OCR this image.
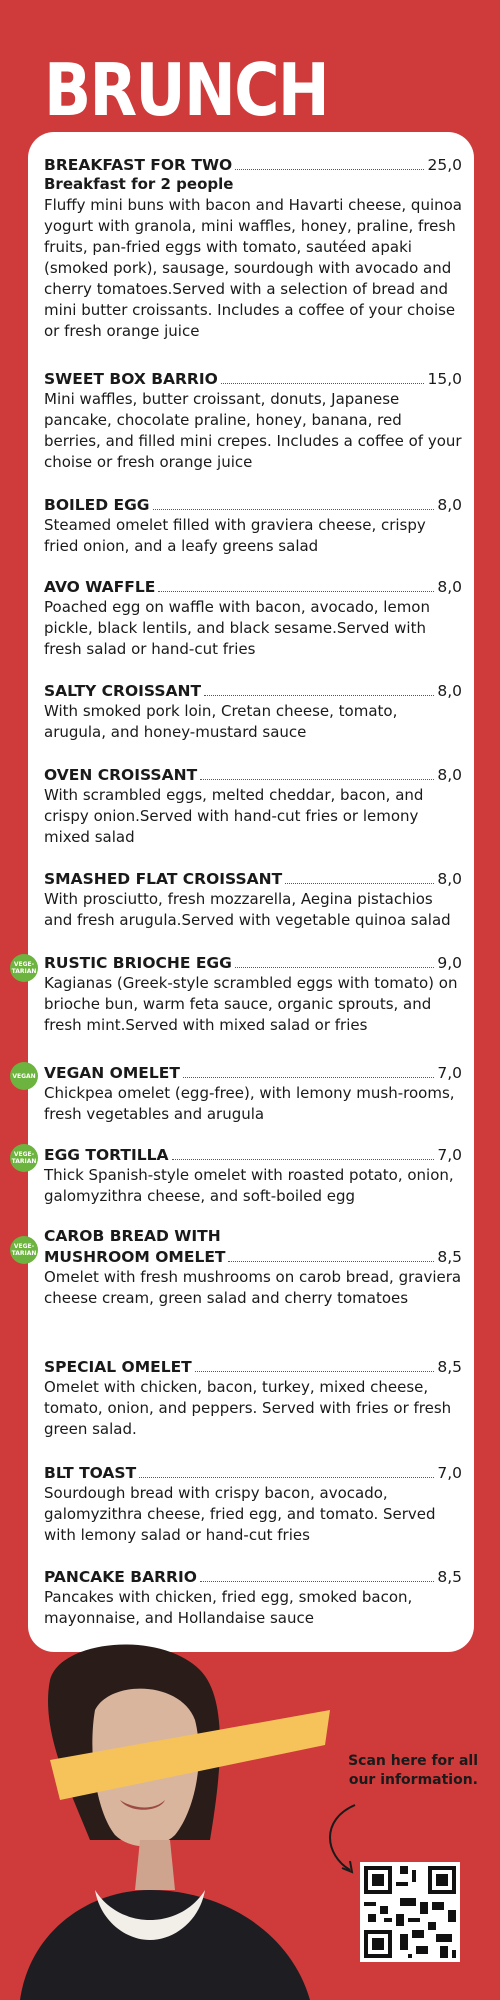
BRUNCH
BREAKFAST FOR TWO	25,0
Breakfast for 2 people
Fluffy mini buns with bacon and Havarti cheese, quinoa yogurt with granola, mini waffles, honey, praline, fresh fruits, pan-fried eggs with tomato, sautéed apaki (smoked pork), sausage, sourdough with avocado and cherry tomatoes.Served with a selection of bread and mini butter croissants. Includes a coffee of your choise or fresh orange juice
SWEET BOX BARRIO	15,0
Mini waffles, butter croissant, donuts, Japanese pancake, chocolate praline, honey, banana, red berries, and filled mini crepes. Includes a coffee of your choise or fresh orange juice
BOILED EGG	8,0
Steamed omelet filled with graviera cheese, crispy fried onion, and a leafy greens salad
AVO WAFFLE	8,0
Poached egg on waffle with bacon, avocado, lemon pickle, black lentils, and black sesame.Served with fresh salad or hand-cut fries
SALTY CROISSANT	8,0
With smoked pork loin, Cretan cheese, tomato, arugula, and honey-mustard sauce
OVEN CROISSANT	8,0
With scrambled eggs, melted cheddar, bacon, and crispy onion.Served with hand-cut fries or lemony mixed salad
SMASHED FLAT CROISSANT	8,0
With prosciutto, fresh mozzarella, Aegina pistachios and fresh arugula.Served with vegetable quinoa salad
RUSTIC BRIOCHE EGG	9,0
Kagianas (Greek-style scrambled eggs with tomato) on brioche bun, warm feta sauce, organic sprouts, and fresh mint.Served with mixed salad or fries
VEGAN OMELET	7,0
Chickpea omelet (egg-free), with lemony mush-rooms, fresh vegetables and arugula
EGG TORTILLA	7,0
Thick Spanish-style omelet with roasted potato, onion, galomyzithra cheese, and soft-boiled egg
CAROB BREAD WITH
MUSHROOM OMELET	8,5
Omelet with fresh mushrooms on carob bread, graviera cheese cream, green salad and cherry tomatoes
SPECIAL OMELET	8,5
Omelet with chicken, bacon, turkey, mixed cheese, tomato, onion, and peppers. Served with fries or fresh green salad.
BLT TOAST	7,0
Sourdough bread with crispy bacon, avocado, galomyzithra cheese, fried egg, and tomato. Served with lemony salad or hand-cut fries
PANCAKE BARRIO	8,5
Pancakes with chicken, fried egg, smoked bacon, mayonnaise, and Hollandaise sauce
VEGE-TARIAN
VEGAN
VEGE-TARIAN
VEGE-TARIAN
Scan here for all our information.
